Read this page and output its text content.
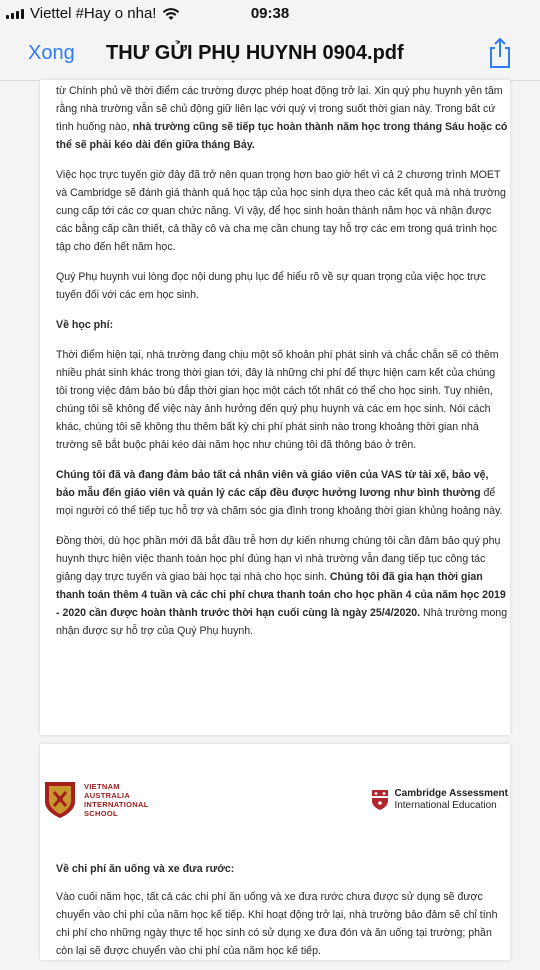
Viettel #Hay o nha!	09:38
Xong THƯ GỬI PHỤ HUYNH 0904.pdf

từ Chính phủ về thời điểm các trường được phép hoạt động trở lại. Xin quý phụ huynh yên tâm rằng nhà trường vẫn sẽ chủ động giữ liên lạc với quý vị trong suốt thời gian này. Trong bất cứ tình huống nào, nhà trường cũng sẽ tiếp tục hoàn thành năm học trong tháng Sáu hoặc có thể sẽ phải kéo dài đến giữa tháng Bảy.

Việc học trực tuyến giờ đây đã trở nên quan trọng hơn bao giờ hết vì cả 2 chương trình MOET và Cambridge sẽ đánh giá thành quả học tập của học sinh dựa theo các kết quả mà nhà trường cung cấp tới các cơ quan chức năng. Vì vậy, để học sinh hoàn thành năm học và nhận được các bằng cấp cần thiết, cả thầy cô và cha mẹ cần chung tay hỗ trợ các em trong quá trình học tập cho đến hết năm học.

Quý Phụ huynh vui lòng đọc nội dung phụ lục để hiểu rõ về sự quan trọng của việc học trực tuyến đối với các em học sinh.

Về học phí:

Thời điểm hiện tại, nhà trường đang chịu một số khoản phí phát sinh và chắc chắn sẽ có thêm nhiều phát sinh khác trong thời gian tới, đây là những chi phí để thực hiện cam kết của chúng tôi trong việc đảm bảo bù đắp thời gian học một cách tốt nhất có thể cho học sinh. Tuy nhiên, chúng tôi sẽ không để việc này ảnh hưởng đến quý phụ huynh và các em học sinh. Nói cách khác, chúng tôi sẽ không thu thêm bất kỳ chi phí phát sinh nào trong khoảng thời gian nhà trường sẽ bắt buộc phải kéo dài năm học như chúng tôi đã thông báo ở trên.

Chúng tôi đã và đang đảm bảo tất cả nhân viên và giáo viên của VAS từ tài xế, bảo vệ, bảo mẫu đến giáo viên và quản lý các cấp đều được hưởng lương như bình thường để mọi người có thể tiếp tục hỗ trợ và chăm sóc gia đình trong khoảng thời gian khủng hoảng này.

Đồng thời, dù học phần mới đã bắt đầu trễ hơn dự kiến nhưng chúng tôi cần đảm bảo quý phụ huynh thực hiện việc thanh toán học phí đúng hạn vì nhà trường vẫn đang tiếp tục công tác giảng dạy trực tuyến và giao bài học tại nhà cho học sinh. Chúng tôi đã gia hạn thời gian thanh toán thêm 4 tuần và các chi phí chưa thanh toán cho học phần 4 của năm học 2019 - 2020 cần được hoàn thành trước thời hạn cuối cùng là ngày 25/4/2020. Nhà trường mong nhận được sự hỗ trợ của Quý Phụ huynh.

VIETNAM
AUSTRALIA
INTERNATIONAL
SCHOOL
Cambridge Assessment
International Education

Về chi phí ăn uống và xe đưa rước:

Vào cuối năm học, tất cả các chi phí ăn uống và xe đưa rước chưa được sử dụng sẽ được chuyển vào chi phí của năm học kế tiếp. Khi hoạt động trở lại, nhà trường bảo đảm sẽ chỉ tính chi phí cho những ngày thực tế học sinh có sử dụng xe đưa đón và ăn uống tại trường; phần còn lại sẽ được chuyển vào chi phí của năm học kế tiếp.
